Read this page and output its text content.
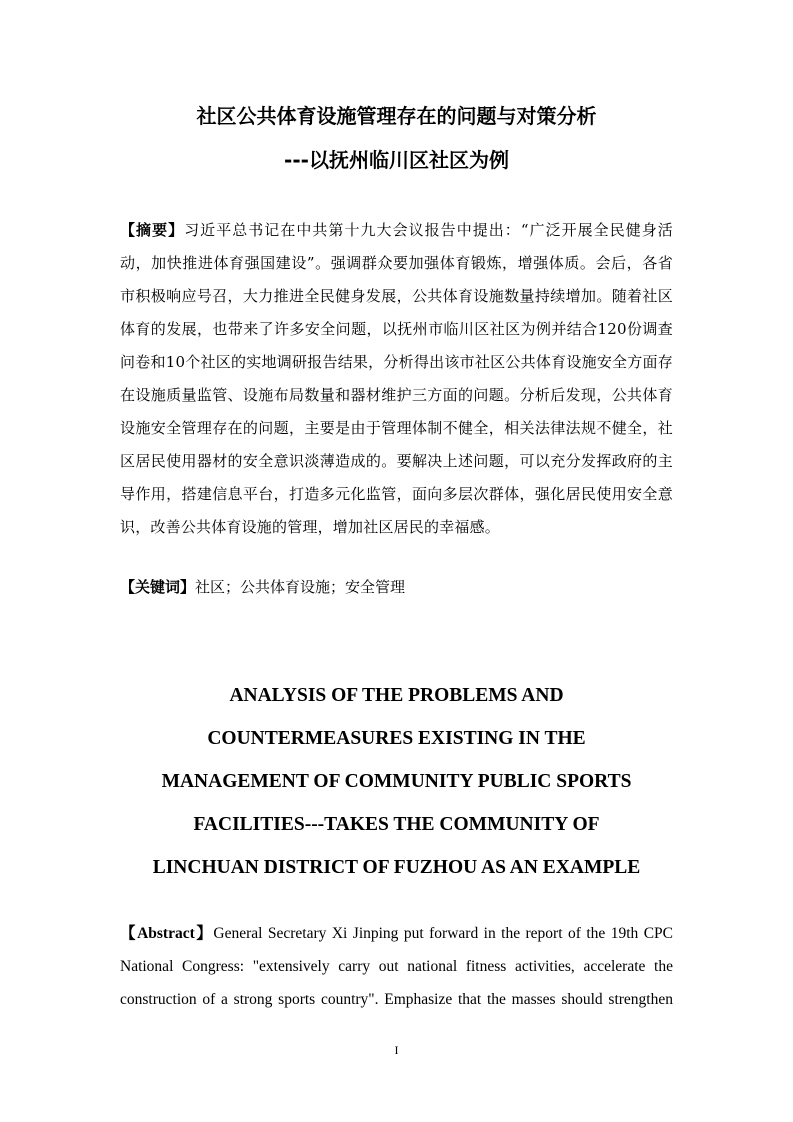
社区公共体育设施管理存在的问题与对策分析
---以抚州临川区社区为例
【摘要】习近平总书记在中共第十九大会议报告中提出：“广泛开展全民健身活动，加快推进体育强国建设”。强调群众要加强体育锻炼，增强体质。会后，各省市积极响应号召，大力推进全民健身发展，公共体育设施数量持续增加。随着社区体育的发展，也带来了许多安全问题，以抚州市临川区社区为例并结合120份调查问卷和10个社区的实地调研报告结果，分析得出该市社区公共体育设施安全方面存在设施质量监管、设施布局数量和器材维护三方面的问题。分析后发现，公共体育设施安全管理存在的问题，主要是由于管理体制不健全，相关法律法规不健全，社区居民使用器材的安全意识淡薄造成的。要解决上述问题，可以充分发挥政府的主导作用，搭建信息平台，打造多元化监管，面向多层次群体，强化居民使用安全意识，改善公共体育设施的管理，增加社区居民的幸福感。
【关键词】社区；公共体育设施；安全管理
ANALYSIS OF THE PROBLEMS AND
COUNTERMEASURES EXISTING IN THE
MANAGEMENT OF COMMUNITY PUBLIC SPORTS
FACILITIES---TAKES THE COMMUNITY OF
LINCHUAN DISTRICT OF FUZHOU AS AN EXAMPLE
【Abstract】General Secretary Xi Jinping put forward in the report of the 19th CPC
National Congress: "extensively carry out national fitness activities, accelerate the
construction of a strong sports country". Emphasize that the masses should strengthen
I
